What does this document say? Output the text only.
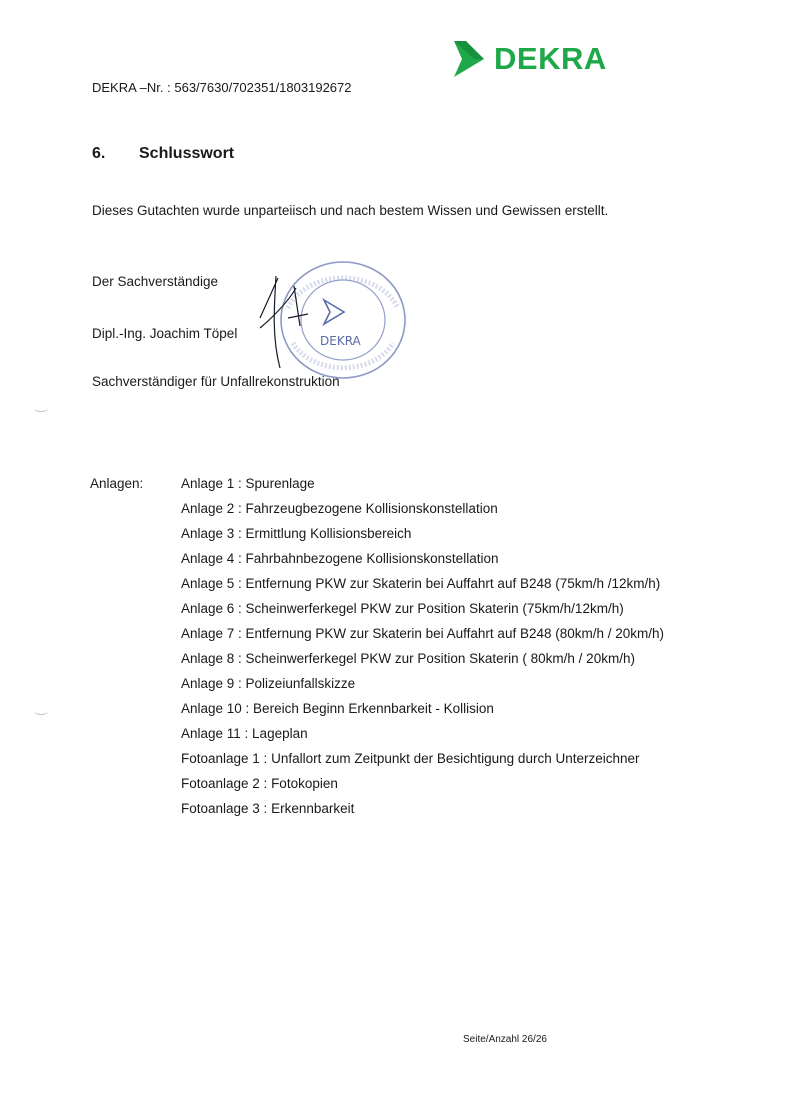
DEKRA
DEKRA –Nr. : 563/7630/702351/1803192672
6. Schlusswort
Dieses Gutachten wurde unparteiisch und nach bestem Wissen und Gewissen erstellt.
Der Sachverständige
Dipl.-Ing. Joachim Töpel
Sachverständiger für Unfallrekonstruktion
DEKRA
Anlagen:	Anlage 1 : Spurenlage
Anlage 2 : Fahrzeugbezogene Kollisionskonstellation
Anlage 3 : Ermittlung Kollisionsbereich
Anlage 4 : Fahrbahnbezogene Kollisionskonstellation
Anlage 5 : Entfernung PKW zur Skaterin bei Auffahrt auf B248 (75km/h /12km/h)
Anlage 6 : Scheinwerferkegel PKW zur Position Skaterin (75km/h/12km/h)
Anlage 7 : Entfernung PKW zur Skaterin bei Auffahrt auf B248 (80km/h / 20km/h)
Anlage 8 : Scheinwerferkegel PKW zur Position Skaterin ( 80km/h / 20km/h)
Anlage 9 : Polizeiunfallskizze
Anlage 10 : Bereich Beginn Erkennbarkeit - Kollision
Anlage 11 : Lageplan
Fotoanlage 1 : Unfallort zum Zeitpunkt der Besichtigung durch Unterzeichner
Fotoanlage 2 : Fotokopien
Fotoanlage 3 : Erkennbarkeit
Seite/Anzahl 26/26
